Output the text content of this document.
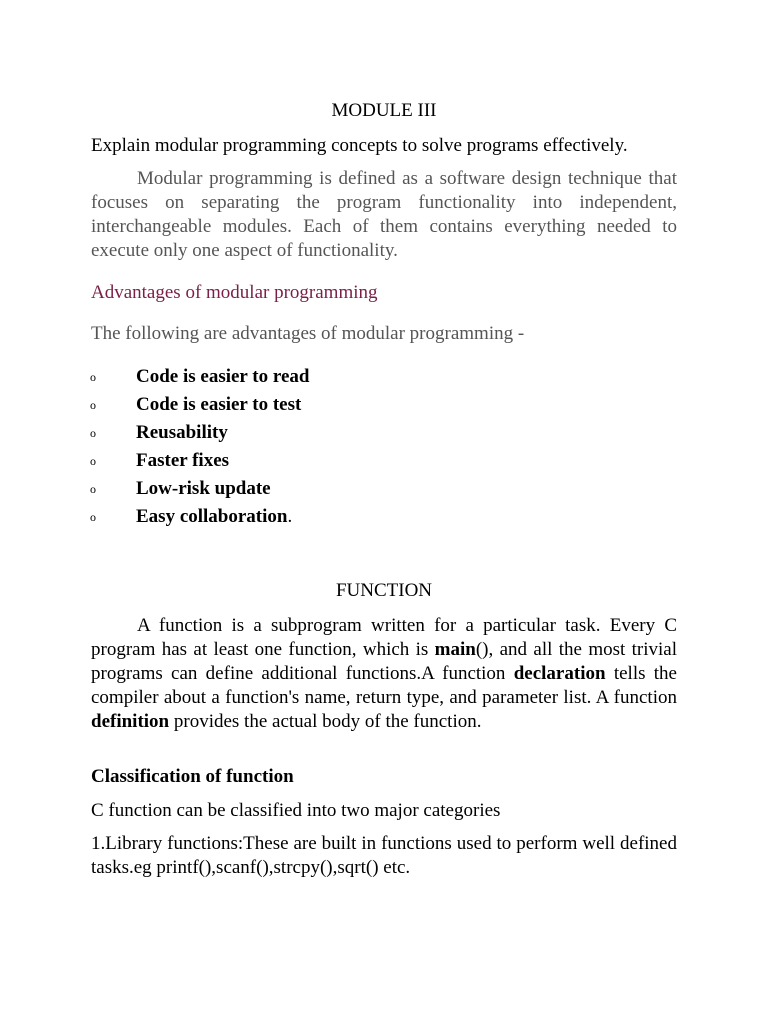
MODULE III

Explain modular programming concepts to solve programs effectively.

Modular programming is defined as a software design technique that focuses on separating the program functionality into independent, interchangeable modules. Each of them contains everything needed to execute only one aspect of functionality.

Advantages of modular programming

The following are advantages of modular programming -

o Code is easier to read
o Code is easier to test
o Reusability
o Faster fixes
o Low-risk update
o Easy collaboration.

FUNCTION

A function is a subprogram written for a particular task. Every C program has at least one function, which is main(), and all the most trivial programs can define additional functions.A function declaration tells the compiler about a function's name, return type, and parameter list. A function definition provides the actual body of the function.

Classification of function

C function can be classified into two major categories

1.Library functions:These are built in functions used to perform well defined tasks.eg printf(),scanf(),strcpy(),sqrt() etc.
